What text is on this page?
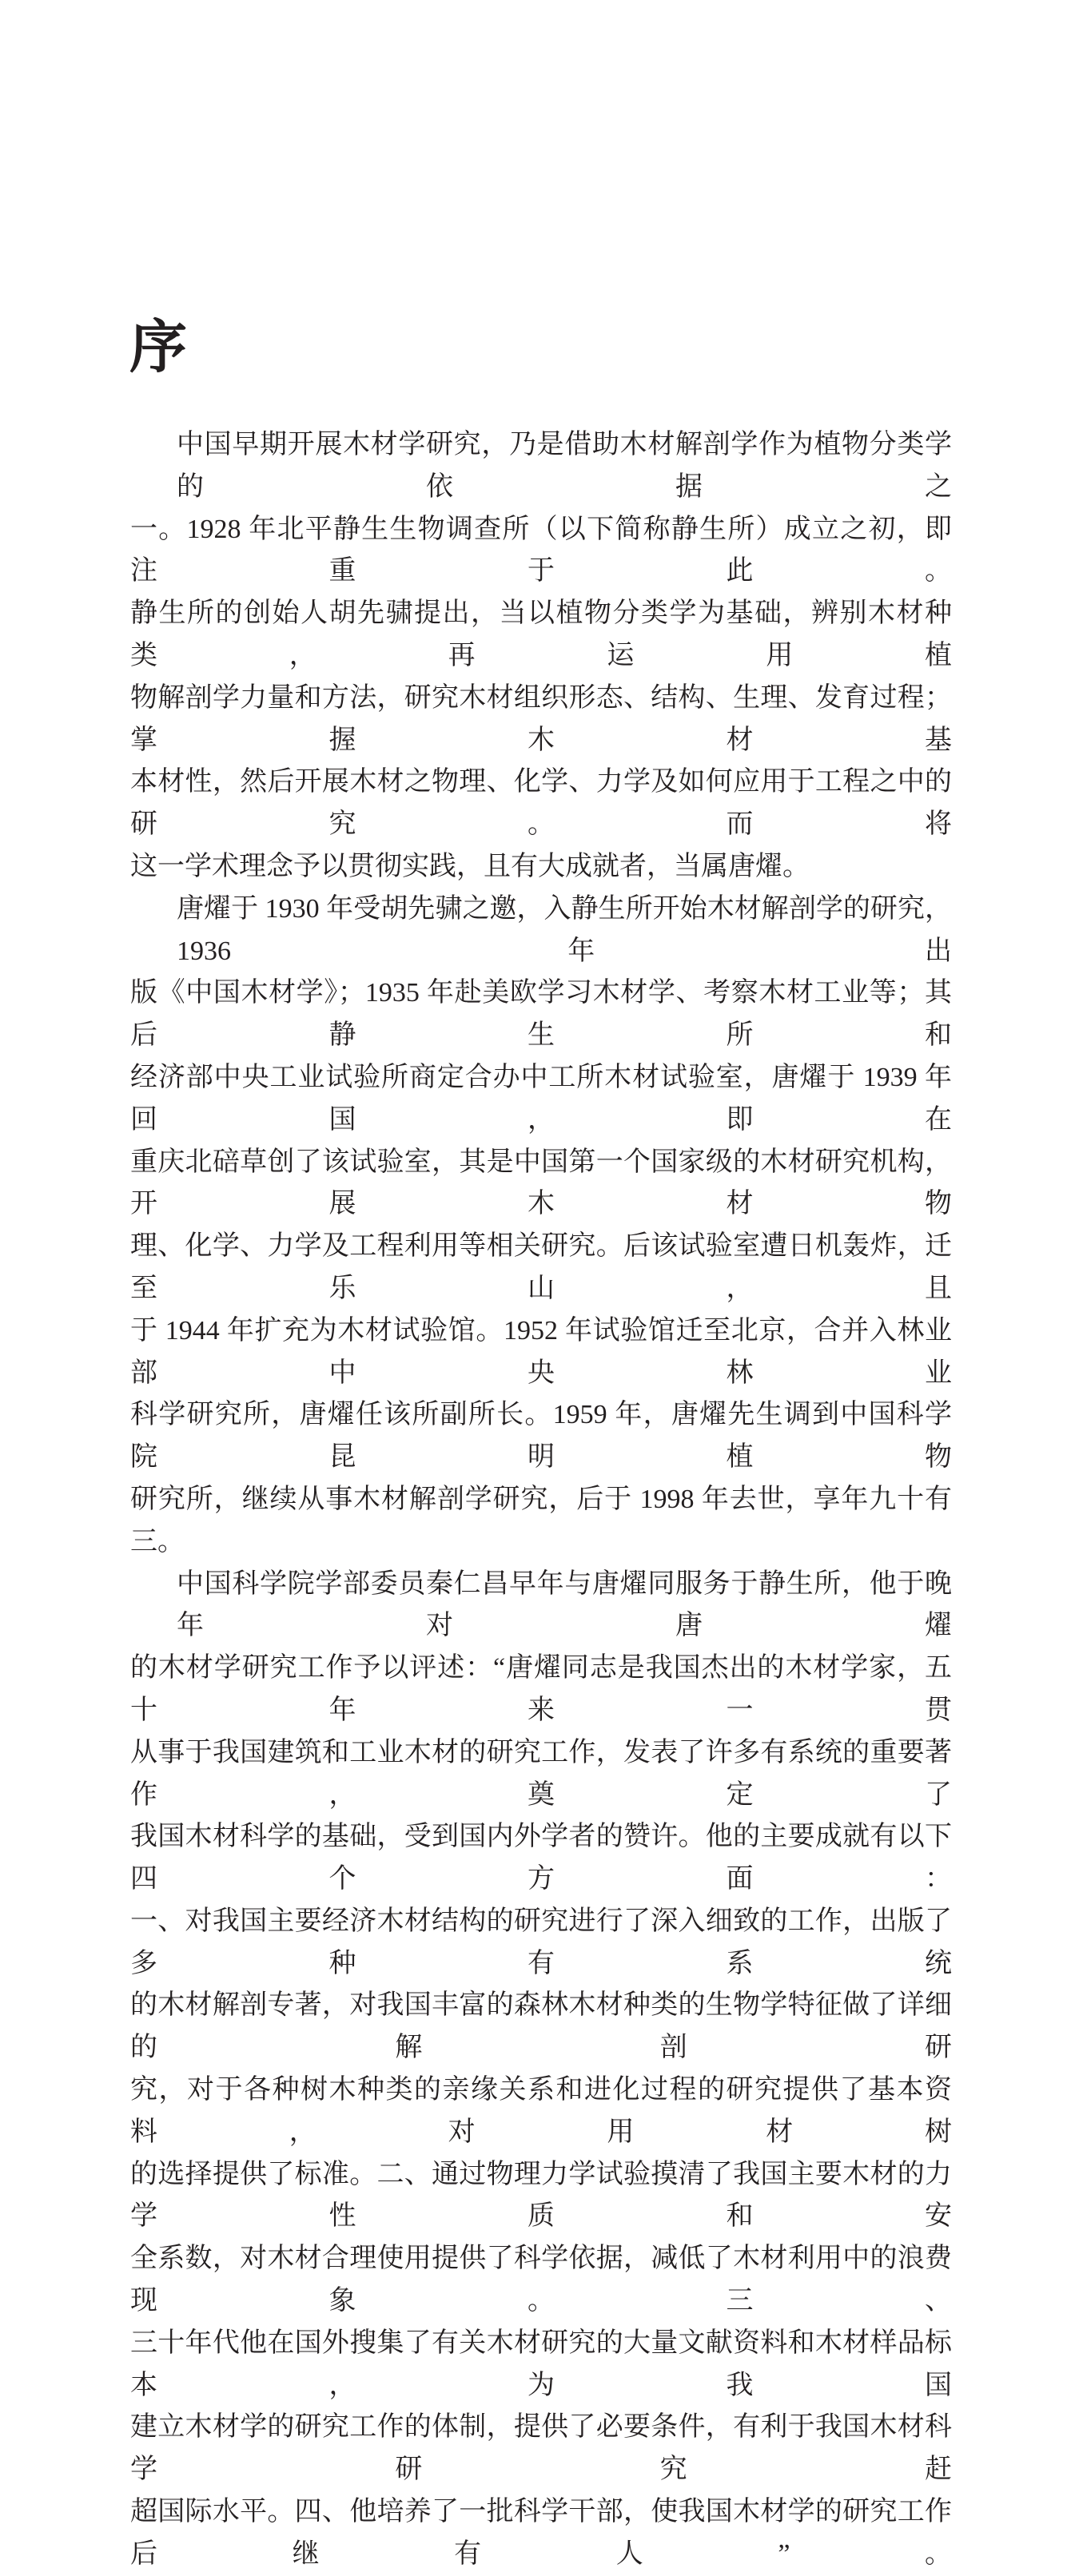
序
中国早期开展木材学研究，乃是借助木材解剖学作为植物分类学的依据之
一。1928 年北平静生生物调查所（以下简称静生所）成立之初，即注重于此。
静生所的创始人胡先骕提出，当以植物分类学为基础，辨别木材种类，再运用植
物解剖学力量和方法，研究木材组织形态、结构、生理、发育过程；掌握木材基
本材性，然后开展木材之物理、化学、力学及如何应用于工程之中的研究。而将
这一学术理念予以贯彻实践，且有大成就者，当属唐燿。
唐燿于 1930 年受胡先骕之邀，入静生所开始木材解剖学的研究，1936 年出
版《中国木材学》；1935 年赴美欧学习木材学、考察木材工业等；其后静生所和
经济部中央工业试验所商定合办中工所木材试验室，唐燿于 1939 年回国，即在
重庆北碚草创了该试验室，其是中国第一个国家级的木材研究机构，开展木材物
理、化学、力学及工程利用等相关研究。后该试验室遭日机轰炸，迁至乐山，且
于 1944 年扩充为木材试验馆。1952 年试验馆迁至北京，合并入林业部中央林业
科学研究所，唐燿任该所副所长。1959 年，唐燿先生调到中国科学院昆明植物
研究所，继续从事木材解剖学研究，后于 1998 年去世，享年九十有三。
中国科学院学部委员秦仁昌早年与唐燿同服务于静生所，他于晚年对唐燿
的木材学研究工作予以评述：“唐燿同志是我国杰出的木材学家，五十年来一贯
从事于我国建筑和工业木材的研究工作，发表了许多有系统的重要著作，奠定了
我国木材科学的基础，受到国内外学者的赞许。他的主要成就有以下四个方面：
一、对我国主要经济木材结构的研究进行了深入细致的工作，出版了多种有系统
的木材解剖专著，对我国丰富的森林木材种类的生物学特征做了详细的解剖研
究，对于各种树木种类的亲缘关系和进化过程的研究提供了基本资料，对用材树
的选择提供了标准。二、通过物理力学试验摸清了我国主要木材的力学性质和安
全系数，对木材合理使用提供了科学依据，减低了木材利用中的浪费现象。三、
三十年代他在国外搜集了有关木材研究的大量文献资料和木材样品标本，为我国
建立木材学的研究工作的体制，提供了必要条件，有利于我国木材科学研究赶
超国际水平。四、他培养了一批科学干部，使我国木材学的研究工作后继有人”。
